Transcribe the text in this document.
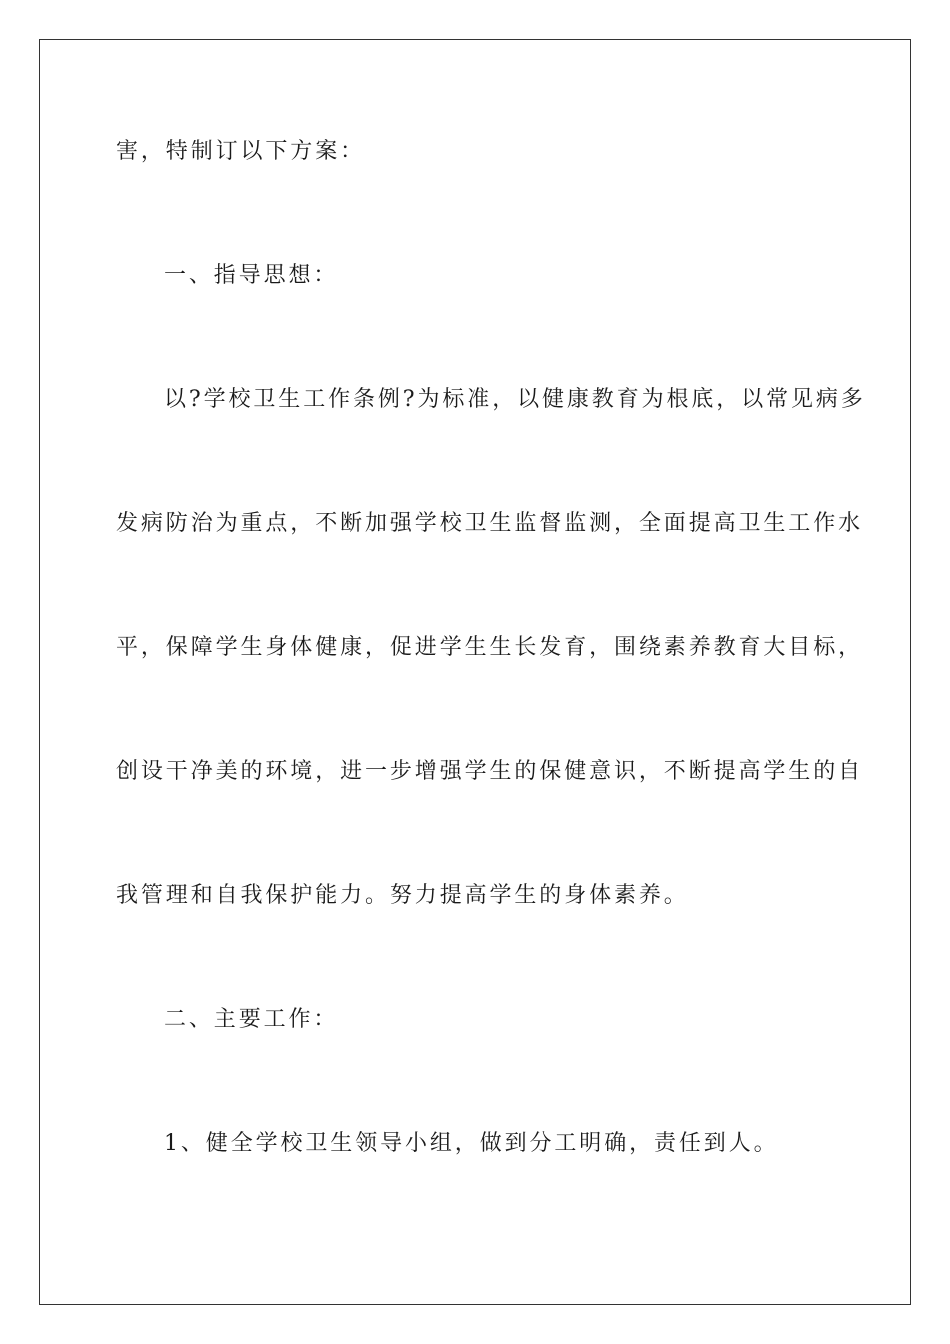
害，特制订以下方案：
一、指导思想：
以?学校卫生工作条例?为标准，以健康教育为根底，以常见病多
发病防治为重点，不断加强学校卫生监督监测，全面提高卫生工作水
平，保障学生身体健康，促进学生生长发育，围绕素养教育大目标，
创设干净美的环境，进一步增强学生的保健意识，不断提高学生的自
我管理和自我保护能力。努力提高学生的身体素养。
二、主要工作：
1、健全学校卫生领导小组，做到分工明确，责任到人。
